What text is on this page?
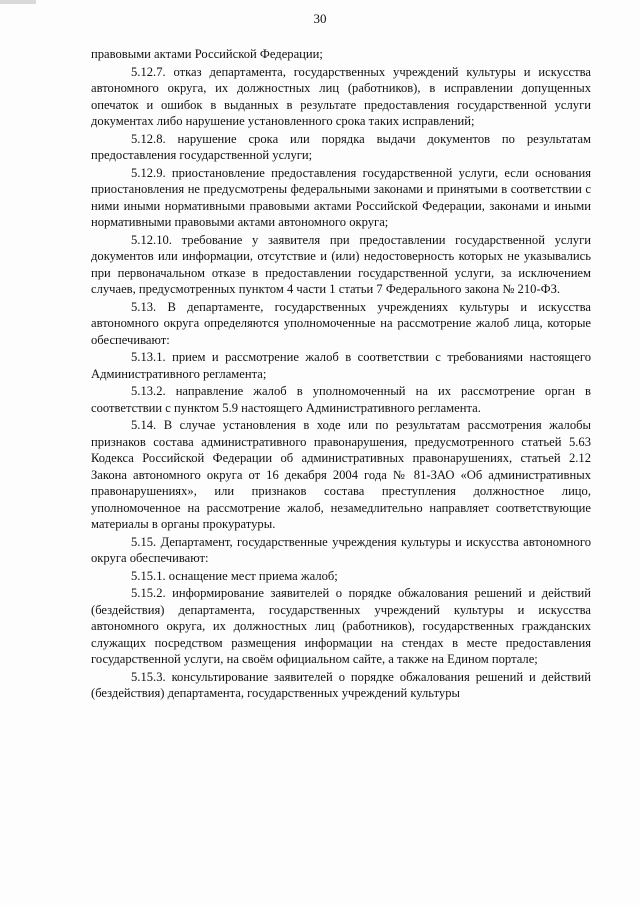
30

правовыми актами Российской Федерации;

5.12.7. отказ департамента, государственных учреждений культуры и искусства автономного округа, их должностных лиц (работников), в исправлении допущенных опечаток и ошибок в выданных в результате предоставления государственной услуги документах либо нарушение установленного срока таких исправлений;

5.12.8. нарушение срока или порядка выдачи документов по результатам предоставления государственной услуги;

5.12.9. приостановление предоставления государственной услуги, если основания приостановления не предусмотрены федеральными законами и принятыми в соответствии с ними иными нормативными правовыми актами Российской Федерации, законами и иными нормативными правовыми актами автономного округа;

5.12.10. требование у заявителя при предоставлении государственной услуги документов или информации, отсутствие и (или) недостоверность которых не указывались при первоначальном отказе в предоставлении государственной услуги, за исключением случаев, предусмотренных пунктом 4 части 1 статьи 7 Федерального закона № 210-ФЗ.

5.13. В департаменте, государственных учреждениях культуры и искусства автономного округа определяются уполномоченные на рассмотрение жалоб лица, которые обеспечивают:

5.13.1. прием и рассмотрение жалоб в соответствии с требованиями настоящего Административного регламента;

5.13.2. направление жалоб в уполномоченный на их рассмотрение орган в соответствии с пунктом 5.9 настоящего Административного регламента.

5.14. В случае установления в ходе или по результатам рассмотрения жалобы признаков состава административного правонарушения, предусмотренного статьей 5.63 Кодекса Российской Федерации об административных правонарушениях, статьей 2.12 Закона автономного округа от 16 декабря 2004 года № 81-ЗАО «Об административных правонарушениях», или признаков состава преступления должностное лицо, уполномоченное на рассмотрение жалоб, незамедлительно направляет соответствующие материалы в органы прокуратуры.

5.15. Департамент, государственные учреждения культуры и искусства автономного округа обеспечивают:

5.15.1. оснащение мест приема жалоб;

5.15.2. информирование заявителей о порядке обжалования решений и действий (бездействия) департамента, государственных учреждений культуры и искусства автономного округа, их должностных лиц (работников), государственных гражданских служащих посредством размещения информации на стендах в месте предоставления государственной услуги, на своём официальном сайте, а также на Едином портале;

5.15.3. консультирование заявителей о порядке обжалования решений и действий (бездействия) департамента, государственных учреждений культуры
